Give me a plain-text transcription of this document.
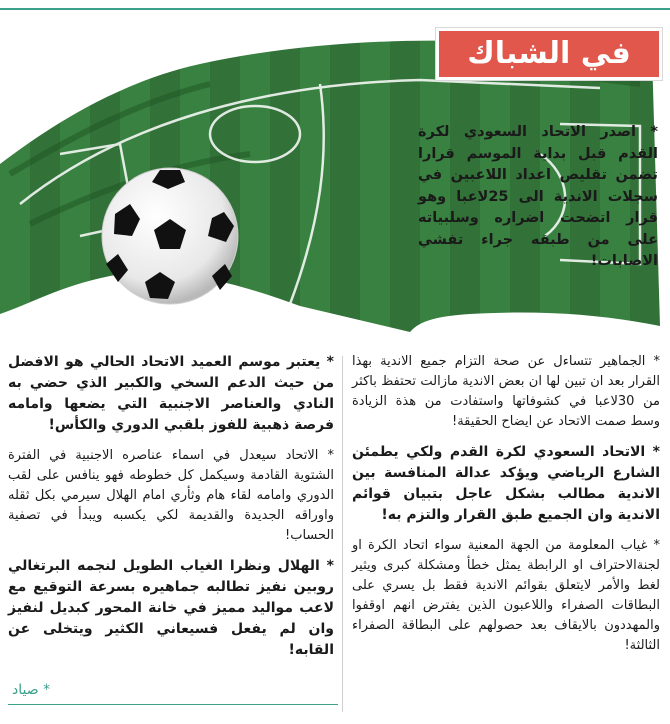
في الشباك

* اصدر الاتحاد السعودي لكرة القدم قبل بداية الموسم قرارا تضمن تقليص اعداد اللاعبين في سجلات الاندية الى 25لاعبا وهو قرار اتضحت اضراره وسلبياته على من طبقه جراء تفشي الاصابات!

* الجماهير تتساءل عن صحة التزام جميع الاندية بهذا القرار بعد ان تبين لها ان بعض الاندية مازالت تحتفظ باكثر من 30لاعبا في كشوفاتها واستفادت من هذة الزيادة وسط صمت الاتحاد عن ايضاح الحقيقة!

* الاتحاد السعودي لكرة القدم ولكي يطمئن الشارع الرياضي ويؤكد عدالة المنافسة بين الاندية مطالب بشكل عاجل بتبيان قوائم الاندية وان الجميع طبق القرار والتزم به!

* غياب المعلومة من الجهة المعنية سواء اتحاد الكرة او لجنةالاحتراف او الرابطة يمثل خطأ ومشكلة كبرى ويثير لغط والأمر لايتعلق بقوائم الاندية فقط بل يسري على البطاقات الصفراء واللاعبون الذين يفترض انهم اوقفوا والمهددون بالايقاف بعد حصولهم على البطاقة الصفراء الثالثة!

* يعتبر موسم العميد الاتحاد الحالي هو الافضل من حيث الدعم السخي والكبير الذي حضي به النادي والعناصر الاجنبية التي يضعها وامامه فرصة ذهبية للفوز بلقبي الدوري والكأس!

* الاتحاد سيعدل في اسماء عناصره الاجنبية في الفترة الشتوية القادمة وسيكمل كل خطوطه فهو ينافس على لقب الدوري وامامه لقاء هام وثأري امام الهلال سيرمي بكل ثقله واوراقه الجديدة والقديمة لكي يكسبه ويبدأ في تصفية الحساب!

* الهلال ونظرا الغياب الطويل لنجمه البرتغالي روبين نفيز تطالبه جماهيره بسرعة التوقيع مع لاعب مواليد مميز في خانة المحور كبديل لنفيز وان لم يفعل فسيعاني الكثير ويتخلى عن القابه!

* صياد
